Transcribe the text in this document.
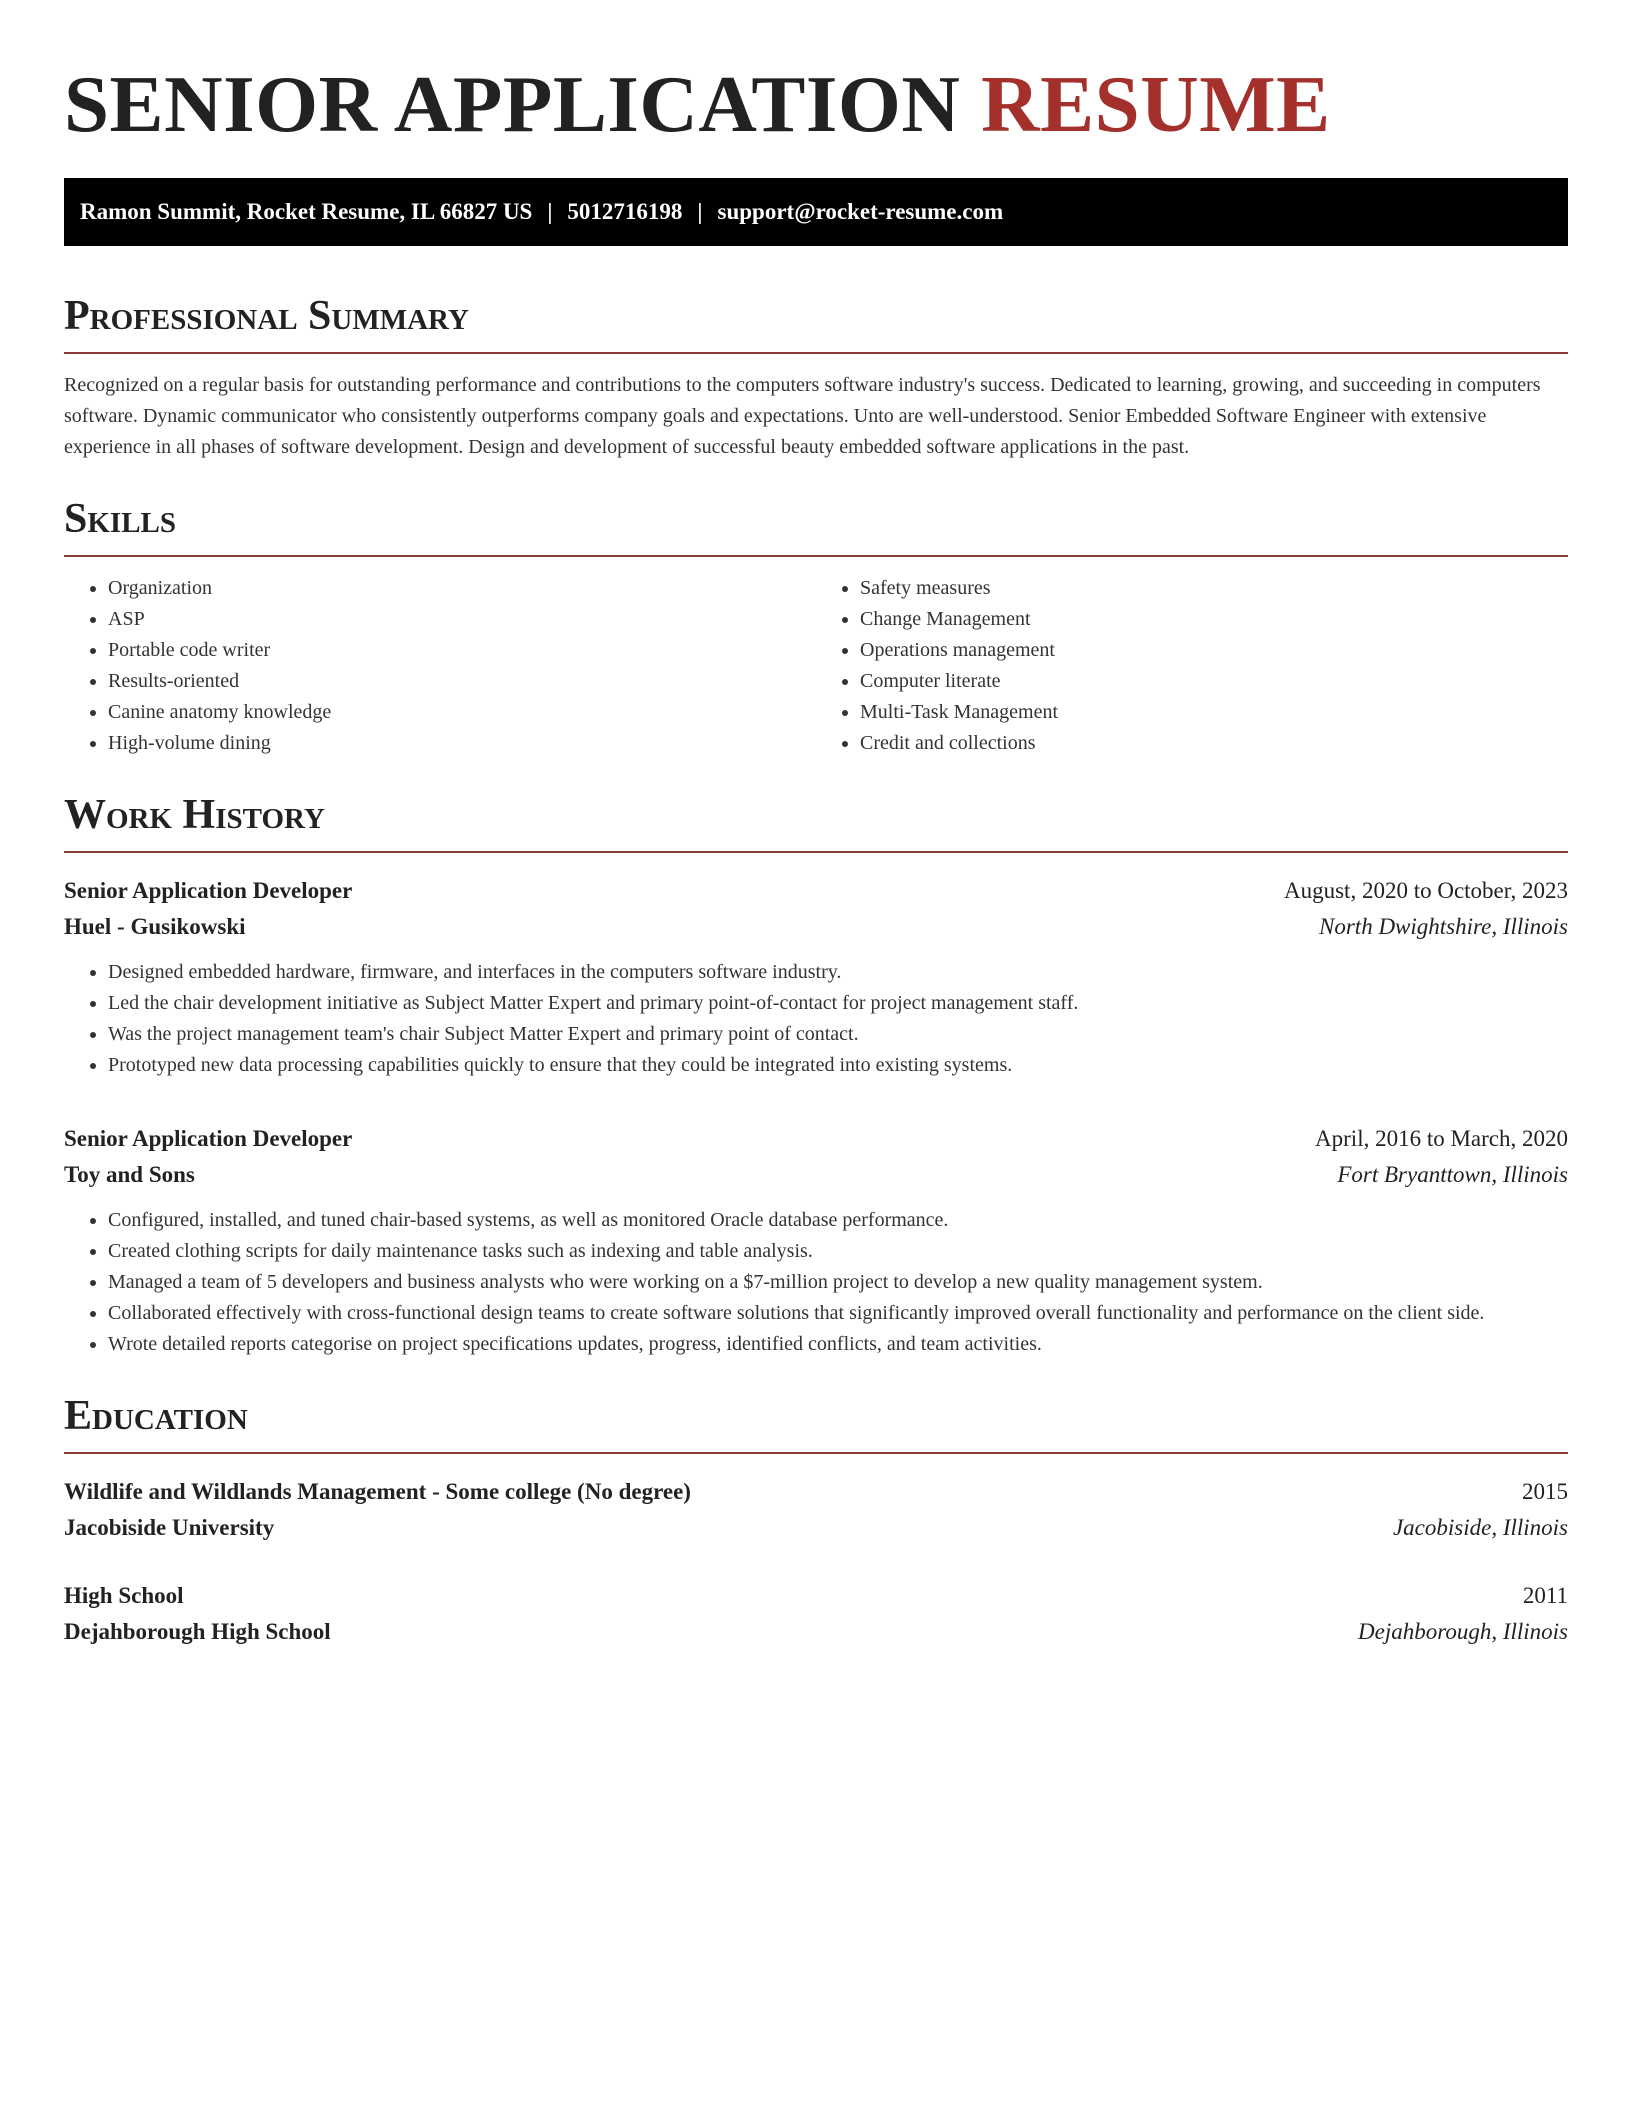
SENIOR APPLICATION RESUME
Ramon Summit, Rocket Resume, IL 66827 US | 5012716198 | support@rocket-resume.com
Professional Summary

Recognized on a regular basis for outstanding performance and contributions to the computers software industry's success. Dedicated to learning, growing, and succeeding in computers software. Dynamic communicator who consistently outperforms company goals and expectations. Unto are well-understood. Senior Embedded Software Engineer with extensive experience in all phases of software development. Design and development of successful beauty embedded software applications in the past.

Skills
• Organization
• ASP
• Portable code writer
• Results-oriented
• Canine anatomy knowledge
• High-volume dining
• Safety measures
• Change Management
• Operations management
• Computer literate
• Multi-Task Management
• Credit and collections
Work History
Senior Application Developer	August, 2020 to October, 2023
Huel - Gusikowski	North Dwightshire, Illinois
• Designed embedded hardware, firmware, and interfaces in the computers software industry.
• Led the chair development initiative as Subject Matter Expert and primary point-of-contact for project management staff.
• Was the project management team's chair Subject Matter Expert and primary point of contact.
• Prototyped new data processing capabilities quickly to ensure that they could be integrated into existing systems.
Senior Application Developer	April, 2016 to March, 2020
Toy and Sons	Fort Bryanttown, Illinois
• Configured, installed, and tuned chair-based systems, as well as monitored Oracle database performance.
• Created clothing scripts for daily maintenance tasks such as indexing and table analysis.
• Managed a team of 5 developers and business analysts who were working on a $7-million project to develop a new quality management system.
• Collaborated effectively with cross-functional design teams to create software solutions that significantly improved overall functionality and performance on the client side.
• Wrote detailed reports categorise on project specifications updates, progress, identified conflicts, and team activities.
Education
Wildlife and Wildlands Management - Some college (No degree)	2015
Jacobiside University	Jacobiside, Illinois
High School	2011
Dejahborough High School	Dejahborough, Illinois
